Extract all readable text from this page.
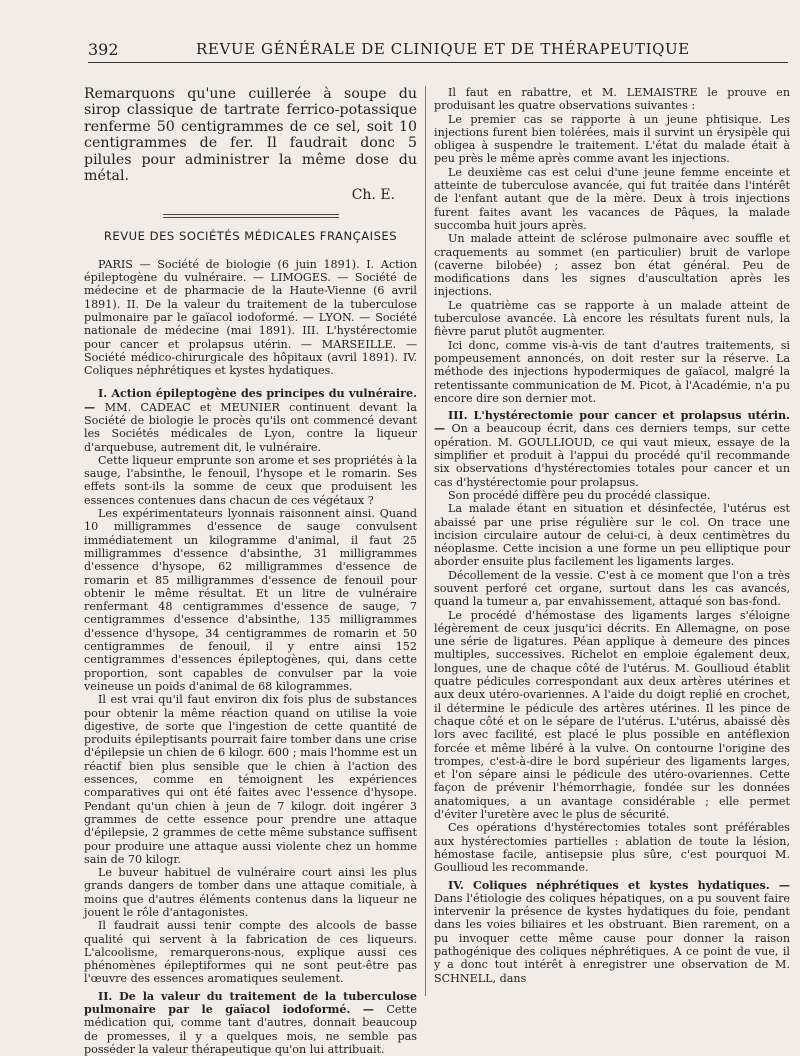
392	REVUE GÉNÉRALE DE CLINIQUE ET DE THÉRAPEUTIQUE

Remarquons qu'une cuillerée à soupe du sirop classique de tartrate ferrico-potassique renferme 50 centigrammes de ce sel, soit 10 centigrammes de fer. Il faudrait donc 5 pilules pour administrer la même dose du métal.

Ch. E.
REVUE DES SOCIÉTÉS MÉDICALES FRANÇAISES

PARIS — Société de biologie (6 juin 1891). I. Action épileptogène du vulnéraire. — LIMOGES. — Société de médecine et de pharmacie de la Haute-Vienne (6 avril 1891). II. De la valeur du traitement de la tuberculose pulmonaire par le gaïacol iodoformé. — LYON. — Société nationale de médecine (mai 1891). III. L'hystérectomie pour cancer et prolapsus utérin. — MARSEILLE. — Société médico-chirurgicale des hôpitaux (avril 1891). IV. Coliques néphrétiques et kystes hydatiques.

I. Action épileptogène des principes du vulnéraire. — MM. CADEAC et MEUNIER continuent devant la Société de biologie le procès qu'ils ont commencé devant les Sociétés médicales de Lyon, contre la liqueur d'arquebuse, autrement dit, le vulnéraire.

Cette liqueur emprunte son arome et ses propriétés à la sauge, l'absinthe, le fenouil, l'hysope et le romarin. Ses effets sont-ils la somme de ceux que produisent les essences contenues dans chacun de ces végétaux ?

Les expérimentateurs lyonnais raisonnent ainsi. Quand 10 milligrammes d'essence de sauge convulsent immédiatement un kilogramme d'animal, il faut 25 milligrammes d'essence d'absinthe, 31 milligrammes d'essence d'hysope, 62 milligrammes d'essence de romarin et 85 milligrammes d'essence de fenouil pour obtenir le même résultat. Et un litre de vulnéraire renfermant 48 centigrammes d'essence de sauge, 7 centigrammes d'essence d'absinthe, 135 milligrammes d'essence d'hysope, 34 centigrammes de romarin et 50 centigrammes de fenouil, il y entre ainsi 152 centigrammes d'essences épileptogènes, qui, dans cette proportion, sont capables de convulser par la voie veineuse un poids d'animal de 68 kilogrammes.

Il est vrai qu'il faut environ dix fois plus de substances pour obtenir la même réaction quand on utilise la voie digestive, de sorte que l'ingestion de cette quantité de produits épileptisants pourrait faire tomber dans une crise d'épilepsie un chien de 6 kilogr. 600 ; mais l'homme est un réactif bien plus sensible que le chien à l'action des essences, comme en témoignent les expériences comparatives qui ont été faites avec l'essence d'hysope. Pendant qu'un chien à jeun de 7 kilogr. doit ingérer 3 grammes de cette essence pour prendre une attaque d'épilepsie, 2 grammes de cette même substance suffisent pour produire une attaque aussi violente chez un homme sain de 70 kilogr.

Le buveur habituel de vulnéraire court ainsi les plus grands dangers de tomber dans une attaque comitiale, à moins que d'autres éléments contenus dans la liqueur ne jouent le rôle d'antagonistes.

Il faudrait aussi tenir compte des alcools de basse qualité qui servent à la fabrication de ces liqueurs. L'alcoolisme, remarquerons-nous, explique aussi ces phénomènes épileptiformes qui ne sont peut-être pas l'œuvre des essences aromatiques seulement.

II. De la valeur du traitement de la tuberculose pulmonaire par le gaïacol iodoformé. — Cette médication qui, comme tant d'autres, donnait beaucoup de promesses, il y a quelques mois, ne semble pas posséder la valeur thérapeutique qu'on lui attribuait.

Il faut en rabattre, et M. LEMAISTRE le prouve en produisant les quatre observations suivantes :

Le premier cas se rapporte à un jeune phtisique. Les injections furent bien tolérées, mais il survint un érysipèle qui obligea à suspendre le traitement. L'état du malade était à peu près le même après comme avant les injections.

Le deuxième cas est celui d'une jeune femme enceinte et atteinte de tuberculose avancée, qui fut traitée dans l'intérêt de l'enfant autant que de la mère. Deux à trois injections furent faites avant les vacances de Pâques, la malade succomba huit jours après.

Un malade atteint de sclérose pulmonaire avec souffle et craquements au sommet (en particulier) bruit de varlope (caverne bilobée) ; assez bon état général. Peu de modifications dans les signes d'auscultation après les injections.

Le quatrième cas se rapporte à un malade atteint de tuberculose avancée. Là encore les résultats furent nuls, la fièvre parut plutôt augmenter.

Ici donc, comme vis-à-vis de tant d'autres traitements, si pompeusement annoncés, on doit rester sur la réserve. La méthode des injections hypodermiques de gaïacol, malgré la retentissante communication de M. Picot, à l'Académie, n'a pu encore dire son dernier mot.

III. L'hystérectomie pour cancer et prolapsus utérin. — On a beaucoup écrit, dans ces derniers temps, sur cette opération. M. GOULLIOUD, ce qui vaut mieux, essaye de la simplifier et produit à l'appui du procédé qu'il recommande six observations d'hystérectomies totales pour cancer et un cas d'hystérectomie pour prolapsus.

Son procédé diffère peu du procédé classique.

La malade étant en situation et désinfectée, l'utérus est abaissé par une prise régulière sur le col. On trace une incision circulaire autour de celui-ci, à deux centimètres du néoplasme. Cette incision a une forme un peu elliptique pour aborder ensuite plus facilement les ligaments larges.

Décollement de la vessie. C'est à ce moment que l'on a très souvent perforé cet organe, surtout dans les cas avancés, quand la tumeur a, par envahissement, attaqué son bas-fond.

Le procédé d'hémostase des ligaments larges s'éloigne légèrement de ceux jusqu'ici décrits. En Allemagne, on pose une série de ligatures. Péan applique à demeure des pinces multiples, successives. Richelot en emploie également deux, longues, une de chaque côté de l'utérus. M. Goullioud établit quatre pédicules correspondant aux deux artères utérines et aux deux utéro-ovariennes. A l'aide du doigt replié en crochet, il détermine le pédicule des artères utérines. Il les pince de chaque côté et on le sépare de l'utérus. L'utérus, abaissé dès lors avec facilité, est placé le plus possible en antéflexion forcée et même libéré à la vulve. On contourne l'origine des trompes, c'est-à-dire le bord supérieur des ligaments larges, et l'on sépare ainsi le pédicule des utéro-ovariennes. Cette façon de prévenir l'hémorrhagie, fondée sur les données anatomiques, a un avantage considérable ; elle permet d'éviter l'uretère avec le plus de sécurité.

Ces opérations d'hystérectomies totales sont préférables aux hystérectomies partielles : ablation de toute la lésion, hémostase facile, antisepsie plus sûre, c'est pourquoi M. Goullioud les recommande.

IV. Coliques néphrétiques et kystes hydatiques. — Dans l'étiologie des coliques hépatiques, on a pu souvent faire intervenir la présence de kystes hydatiques du foie, pendant dans les voies biliaires et les obstruant. Bien rarement, on a pu invoquer cette même cause pour donner la raison pathogénique des coliques néphrétiques. A ce point de vue, il y a donc tout intérêt à enregistrer une observation de M. SCHNELL, dans
